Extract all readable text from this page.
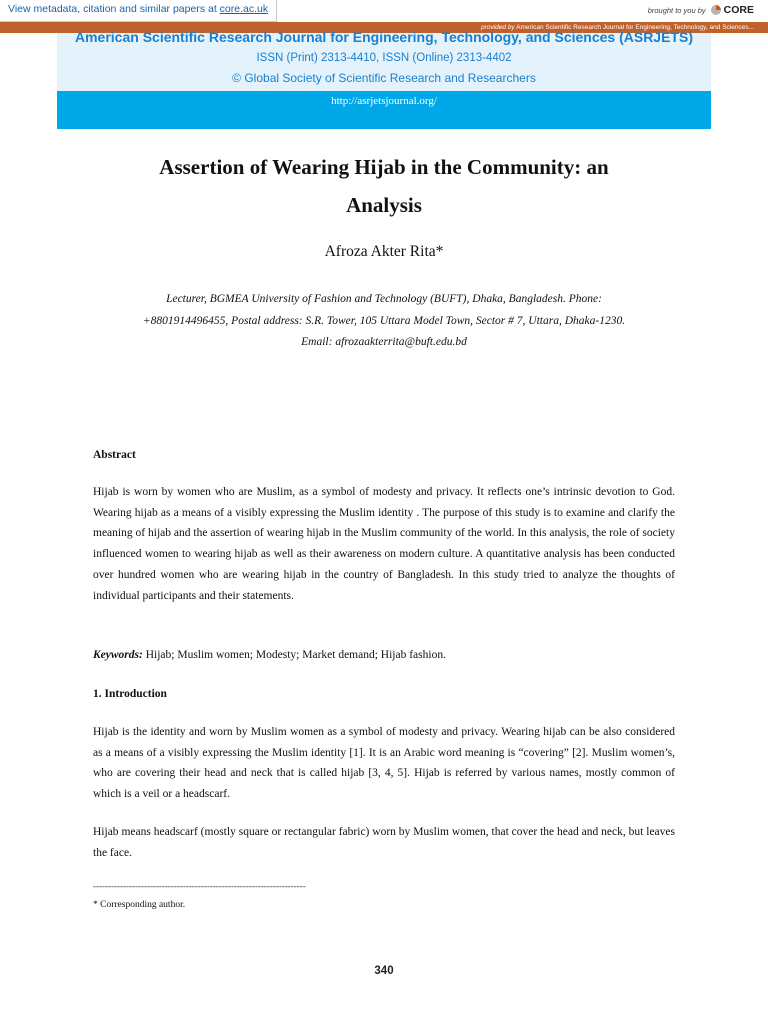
View metadata, citation and similar papers at core.ac.uk	brought to you by CORE
provided by American Scientific Research Journal for Engineering, Technology, and Sciences...
American Scientific Research Journal for Engineering, Technology, and Sciences (ASRJETS)
ISSN (Print) 2313-4410, ISSN (Online) 2313-4402
© Global Society of Scientific Research and Researchers
http://asrjetsjournal.org/
Assertion of Wearing Hijab in the Community: an
Analysis
Afroza Akter Rita*
Lecturer, BGMEA University of Fashion and Technology (BUFT), Dhaka, Bangladesh. Phone:
+8801914496455, Postal address: S.R. Tower, 105 Uttara Model Town, Sector # 7, Uttara, Dhaka-1230.
Email: afrozaakterrita@buft.edu.bd
Abstract
Hijab is worn by women who are Muslim, as a symbol of modesty and privacy. It reflects one’s intrinsic devotion to God. Wearing hijab as a means of a visibly expressing the Muslim identity . The purpose of this study is to examine and clarify the meaning of hijab and the assertion of wearing hijab in the Muslim community of the world. In this analysis, the role of society influenced women to wearing hijab as well as their awareness on modern culture. A quantitative analysis has been conducted over hundred women who are wearing hijab in the country of Bangladesh. In this study tried to analyze the thoughts of individual participants and their statements.
Keywords: Hijab; Muslim women; Modesty; Market demand; Hijab fashion.
1. Introduction
Hijab is the identity and worn by Muslim women as a symbol of modesty and privacy. Wearing hijab can be also considered as a means of a visibly expressing the Muslim identity [1]. It is an Arabic word meaning is “covering” [2]. Muslim women’s, who are covering their head and neck that is called hijab [3, 4, 5]. Hijab is referred by various names, mostly common of which is a veil or a headscarf.
Hijab means headscarf (mostly square or rectangular fabric) worn by Muslim women, that cover the head and neck, but leaves the face.
-----------------------------------------------------------------------
* Corresponding author.
340
